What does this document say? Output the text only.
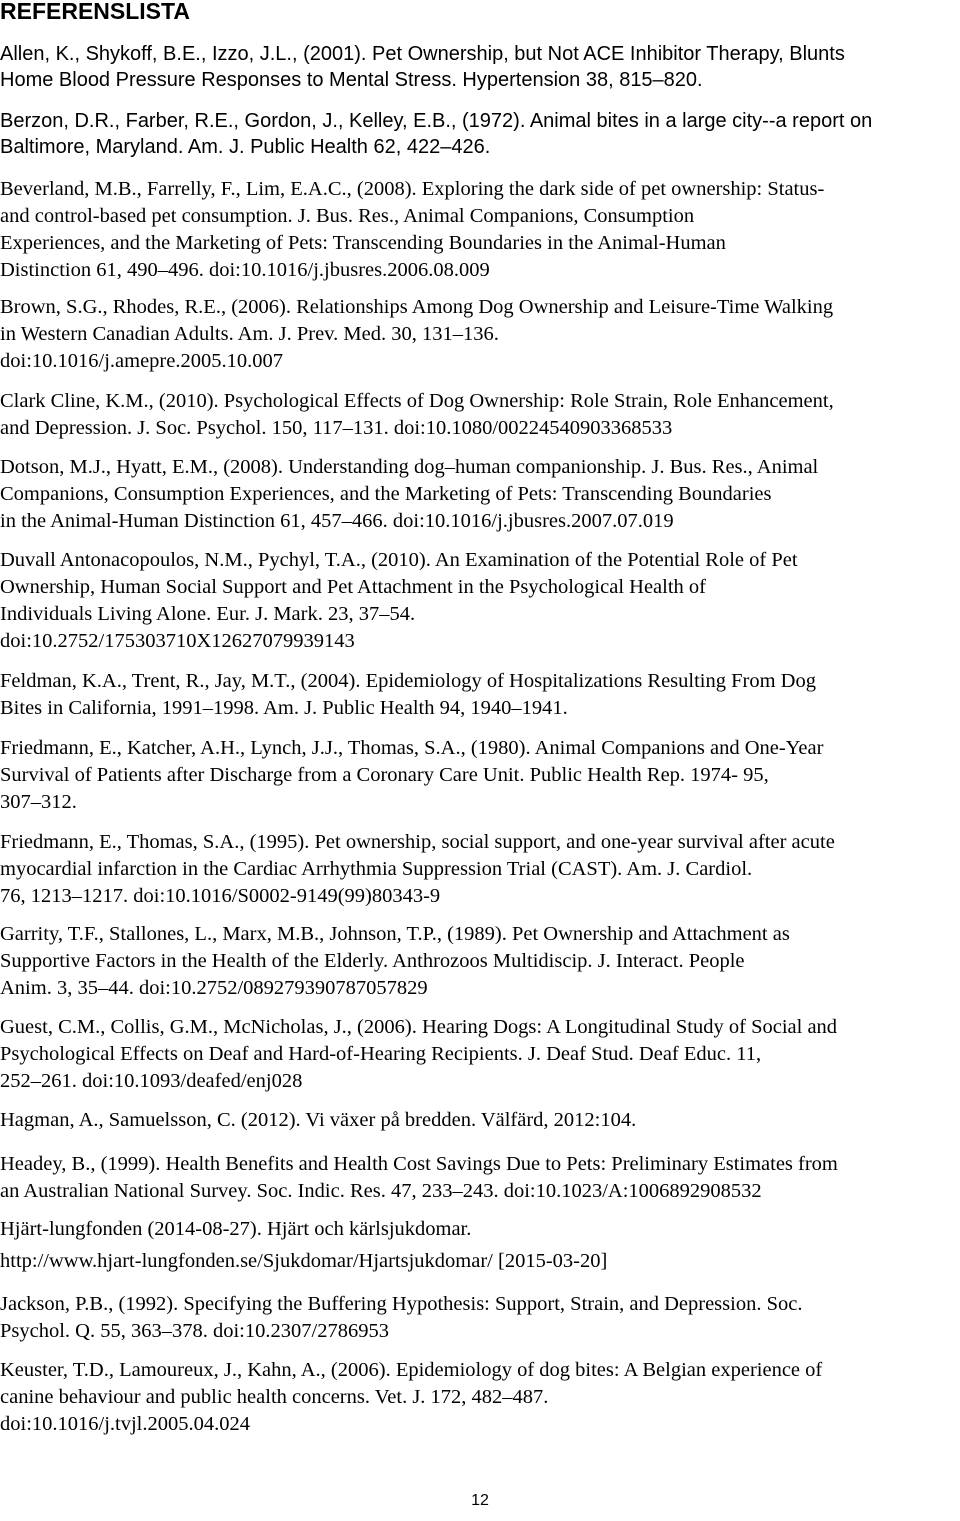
REFERENSLISTA

Allen, K., Shykoff, B.E., Izzo, J.L., (2001). Pet Ownership, but Not ACE Inhibitor Therapy, Blunts
Home Blood Pressure Responses to Mental Stress. Hypertension 38, 815–820.

Berzon, D.R., Farber, R.E., Gordon, J., Kelley, E.B., (1972). Animal bites in a large city--a report on
Baltimore, Maryland. Am. J. Public Health 62, 422–426.

Beverland, M.B., Farrelly, F., Lim, E.A.C., (2008). Exploring the dark side of pet ownership: Status-
and control-based pet consumption. J. Bus. Res., Animal Companions, Consumption
Experiences, and the Marketing of Pets: Transcending Boundaries in the Animal-Human
Distinction 61, 490–496. doi:10.1016/j.jbusres.2006.08.009

Brown, S.G., Rhodes, R.E., (2006). Relationships Among Dog Ownership and Leisure-Time Walking
in Western Canadian Adults. Am. J. Prev. Med. 30, 131–136.
doi:10.1016/j.amepre.2005.10.007

Clark Cline, K.M., (2010). Psychological Effects of Dog Ownership: Role Strain, Role Enhancement,
and Depression. J. Soc. Psychol. 150, 117–131. doi:10.1080/00224540903368533

Dotson, M.J., Hyatt, E.M., (2008). Understanding dog–human companionship. J. Bus. Res., Animal
Companions, Consumption Experiences, and the Marketing of Pets: Transcending Boundaries
in the Animal-Human Distinction 61, 457–466. doi:10.1016/j.jbusres.2007.07.019

Duvall Antonacopoulos, N.M., Pychyl, T.A., (2010). An Examination of the Potential Role of Pet
Ownership, Human Social Support and Pet Attachment in the Psychological Health of
Individuals Living Alone. Eur. J. Mark. 23, 37–54.
doi:10.2752/175303710X12627079939143

Feldman, K.A., Trent, R., Jay, M.T., (2004). Epidemiology of Hospitalizations Resulting From Dog
Bites in California, 1991–1998. Am. J. Public Health 94, 1940–1941.

Friedmann, E., Katcher, A.H., Lynch, J.J., Thomas, S.A., (1980). Animal Companions and One-Year
Survival of Patients after Discharge from a Coronary Care Unit. Public Health Rep. 1974- 95,
307–312.

Friedmann, E., Thomas, S.A., (1995). Pet ownership, social support, and one-year survival after acute
myocardial infarction in the Cardiac Arrhythmia Suppression Trial (CAST). Am. J. Cardiol.
76, 1213–1217. doi:10.1016/S0002-9149(99)80343-9

Garrity, T.F., Stallones, L., Marx, M.B., Johnson, T.P., (1989). Pet Ownership and Attachment as
Supportive Factors in the Health of the Elderly. Anthrozoos Multidiscip. J. Interact. People
Anim. 3, 35–44. doi:10.2752/089279390787057829

Guest, C.M., Collis, G.M., McNicholas, J., (2006). Hearing Dogs: A Longitudinal Study of Social and
Psychological Effects on Deaf and Hard-of-Hearing Recipients. J. Deaf Stud. Deaf Educ. 11,
252–261. doi:10.1093/deafed/enj028

Hagman, A., Samuelsson, C. (2012). Vi växer på bredden. Välfärd, 2012:104.

Headey, B., (1999). Health Benefits and Health Cost Savings Due to Pets: Preliminary Estimates from
an Australian National Survey. Soc. Indic. Res. 47, 233–243. doi:10.1023/A:1006892908532

Hjärt-lungfonden (2014-08-27). Hjärt och kärlsjukdomar.
http://www.hjart-lungfonden.se/Sjukdomar/Hjartsjukdomar/ [2015-03-20]

Jackson, P.B., (1992). Specifying the Buffering Hypothesis: Support, Strain, and Depression. Soc.
Psychol. Q. 55, 363–378. doi:10.2307/2786953

Keuster, T.D., Lamoureux, J., Kahn, A., (2006). Epidemiology of dog bites: A Belgian experience of
canine behaviour and public health concerns. Vet. J. 172, 482–487.
doi:10.1016/j.tvjl.2005.04.024

12
